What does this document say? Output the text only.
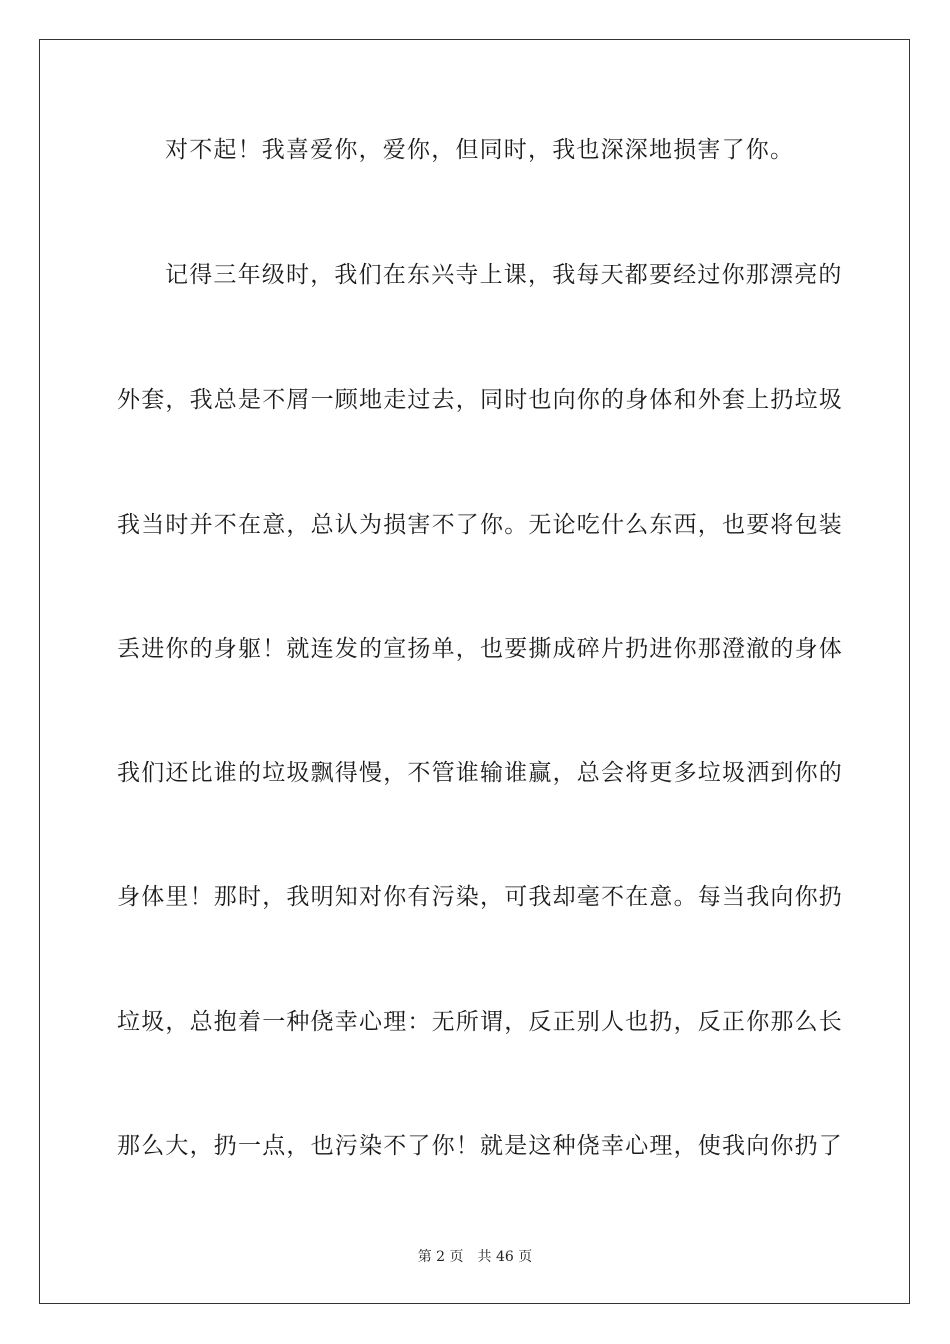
对不起！我喜爱你，爱你，但同时，我也深深地损害了你。
记得三年级时，我们在东兴寺上课，我每天都要经过你那漂亮的
外套，我总是不屑一顾地走过去，同时也向你的身体和外套上扔垃圾
我当时并不在意，总认为损害不了你。无论吃什么东西，也要将包装
丢进你的身躯！就连发的宣扬单，也要撕成碎片扔进你那澄澈的身体
我们还比谁的垃圾飘得慢，不管谁输谁赢，总会将更多垃圾洒到你的
身体里！那时，我明知对你有污染，可我却毫不在意。每当我向你扔
垃圾，总抱着一种侥幸心理：无所谓，反正别人也扔，反正你那么长
那么大，扔一点，也污染不了你！就是这种侥幸心理，使我向你扔了
第 2 页 共 46 页
